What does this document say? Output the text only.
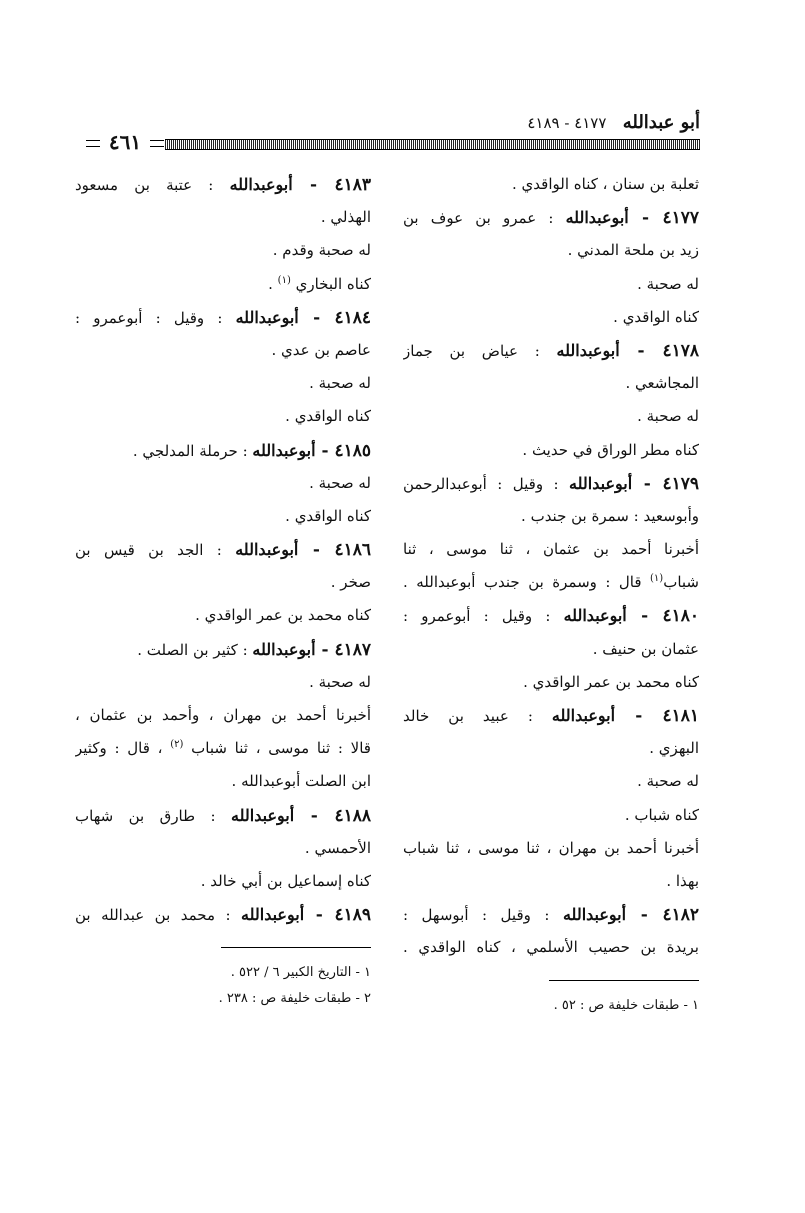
أبو عبدالله ٤١٧٧ - ٤١٨٩
٤٦١
ثعلبة بن سنان ، كناه الواقدي .
٤١٧٧ - أبوعبدالله : عمرو بن عوف بن
زيد بن ملحة المدني .
له صحبة .
كناه الواقدي .
٤١٧٨ - أبوعبدالله : عياض بن جماز
المجاشعي .
له صحبة .
كناه مطر الوراق في حديث .
٤١٧٩ - أبوعبدالله : وقيل : أبوعبدالرحمن
وأبوسعيد : سمرة بن جندب .
أخبرنا أحمد بن عثمان ، ثنا موسى ، ثنا
شباب$^{(١)}$ قال : وسمرة بن جندب أبوعبدالله .
٤١٨٠ - أبوعبدالله : وقيل : أبوعمرو :
عثمان بن حنيف .
كناه محمد بن عمر الواقدي .
٤١٨١ - أبوعبدالله : عبيد بن خالد
البهزي .
له صحبة .
كناه شباب .
أخبرنا أحمد بن مهران ، ثنا موسى ، ثنا شباب
بهذا .
٤١٨٢ - أبوعبدالله : وقيل : أبوسهل :
بريدة بن حصيب الأسلمي ، كناه الواقدي .
٤١٨٣ - أبوعبدالله : عتبة بن مسعود
الهذلي .
له صحبة وقدم .
كناه البخاري $^{(١)}$ .
٤١٨٤ - أبوعبدالله : وقيل : أبوعمرو :
عاصم بن عدي .
له صحبة .
كناه الواقدي .
٤١٨٥ - أبوعبدالله : حرملة المدلجي .
له صحبة .
كناه الواقدي .
٤١٨٦ - أبوعبدالله : الجد بن قيس بن
صخر .
كناه محمد بن عمر الواقدي .
٤١٨٧ - أبوعبدالله : كثير بن الصلت .
له صحبة .
أخبرنا أحمد بن مهران ، وأحمد بن عثمان ،
قالا : ثنا موسى ، ثنا شباب $^{(٢)}$ ، قال : وكثير
ابن الصلت أبوعبدالله .
٤١٨٨ - أبوعبدالله : طارق بن شهاب
الأحمسي .
كناه إسماعيل بن أبي خالد .
٤١٨٩ - أبوعبدالله : محمد بن عبدالله بن
١ - طبقات خليفة ص : ٥٢ .
١ - التاريخ الكبير ٦ / ٥٢٢ .
٢ - طبقات خليفة ص : ٢٣٨ .
